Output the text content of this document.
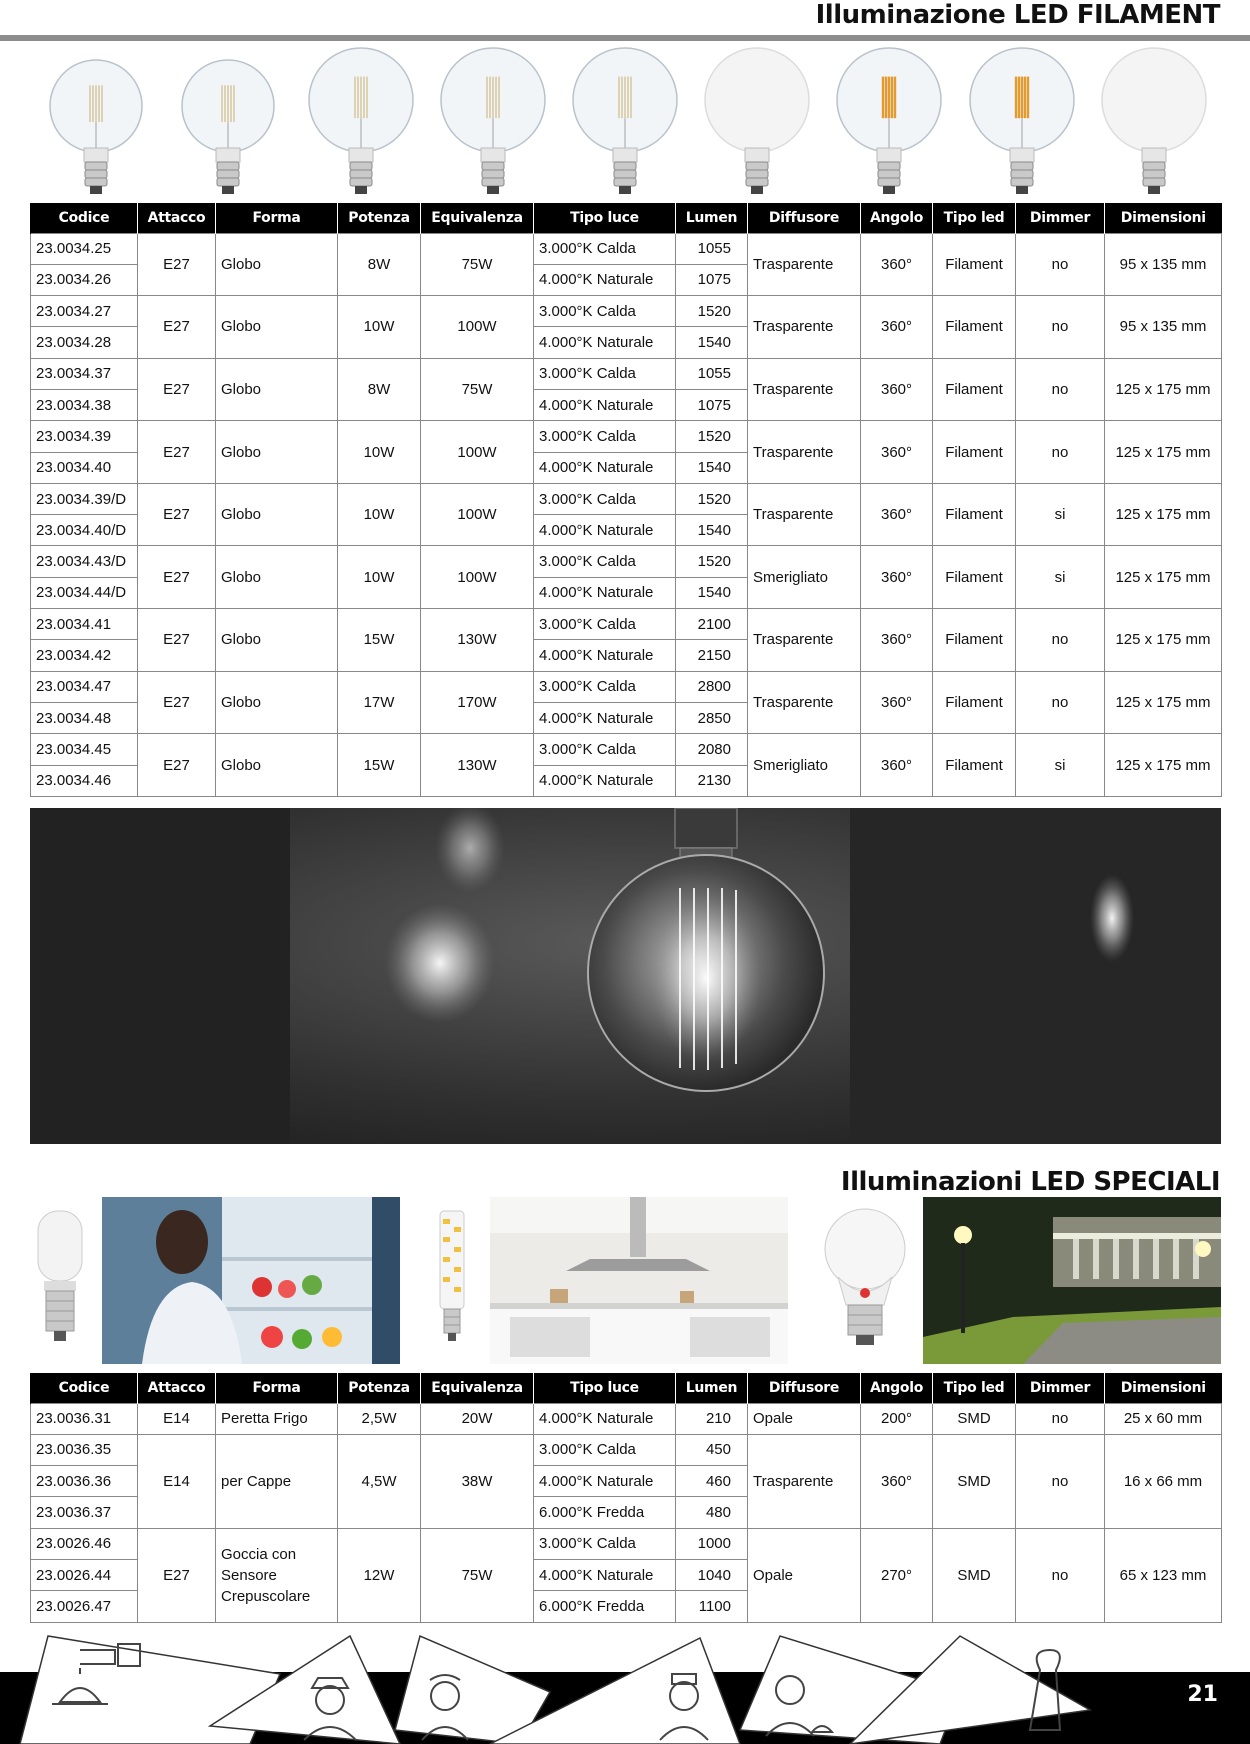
Illuminazione LED FILAMENT
Codice	Attacco	Forma	Potenza	Equivalenza	Tipo luce	Lumen	Diffusore	Angolo	Tipo led	Dimmer	Dimensioni
23.0034.25	E27	Globo	8W	75W	3.000°K Calda	1055	Trasparente	360°	Filament	no	95 x 135 mm
23.0034.26					4.000°K Naturale	1075					
23.0034.27	E27	Globo	10W	100W	3.000°K Calda	1520	Trasparente	360°	Filament	no	95 x 135 mm
23.0034.28					4.000°K Naturale	1540					
23.0034.37	E27	Globo	8W	75W	3.000°K Calda	1055	Trasparente	360°	Filament	no	125 x 175 mm
23.0034.38					4.000°K Naturale	1075					
23.0034.39	E27	Globo	10W	100W	3.000°K Calda	1520	Trasparente	360°	Filament	no	125 x 175 mm
23.0034.40					4.000°K Naturale	1540					
23.0034.39/D	E27	Globo	10W	100W	3.000°K Calda	1520	Trasparente	360°	Filament	si	125 x 175 mm
23.0034.40/D					4.000°K Naturale	1540					
23.0034.43/D	E27	Globo	10W	100W	3.000°K Calda	1520	Smerigliato	360°	Filament	si	125 x 175 mm
23.0034.44/D					4.000°K Naturale	1540					
23.0034.41	E27	Globo	15W	130W	3.000°K Calda	2100	Trasparente	360°	Filament	no	125 x 175 mm
23.0034.42					4.000°K Naturale	2150					
23.0034.47	E27	Globo	17W	170W	3.000°K Calda	2800	Trasparente	360°	Filament	no	125 x 175 mm
23.0034.48					4.000°K Naturale	2850					
23.0034.45	E27	Globo	15W	130W	3.000°K Calda	2080	Smerigliato	360°	Filament	si	125 x 175 mm
23.0034.46					4.000°K Naturale	2130					
Illuminazioni LED SPECIALI
Codice	Attacco	Forma	Potenza	Equivalenza	Tipo luce	Lumen	Diffusore	Angolo	Tipo led	Dimmer	Dimensioni
23.0036.31	E14	Peretta Frigo	2,5W	20W	4.000°K Naturale	210	Opale	200°	SMD	no	25 x 60 mm
23.0036.35	E14	per Cappe	4,5W	38W	3.000°K Calda	450	Trasparente	360°	SMD	no	16 x 66 mm
23.0036.36					4.000°K Naturale	460					
23.0036.37					6.000°K Fredda	480					
23.0026.46	E27	Goccia con Sensore Crepuscolare	12W	75W	3.000°K Calda	1000	Opale	270°	SMD	no	65 x 123 mm
23.0026.44					4.000°K Naturale	1040					
23.0026.47					6.000°K Fredda	1100					
21
